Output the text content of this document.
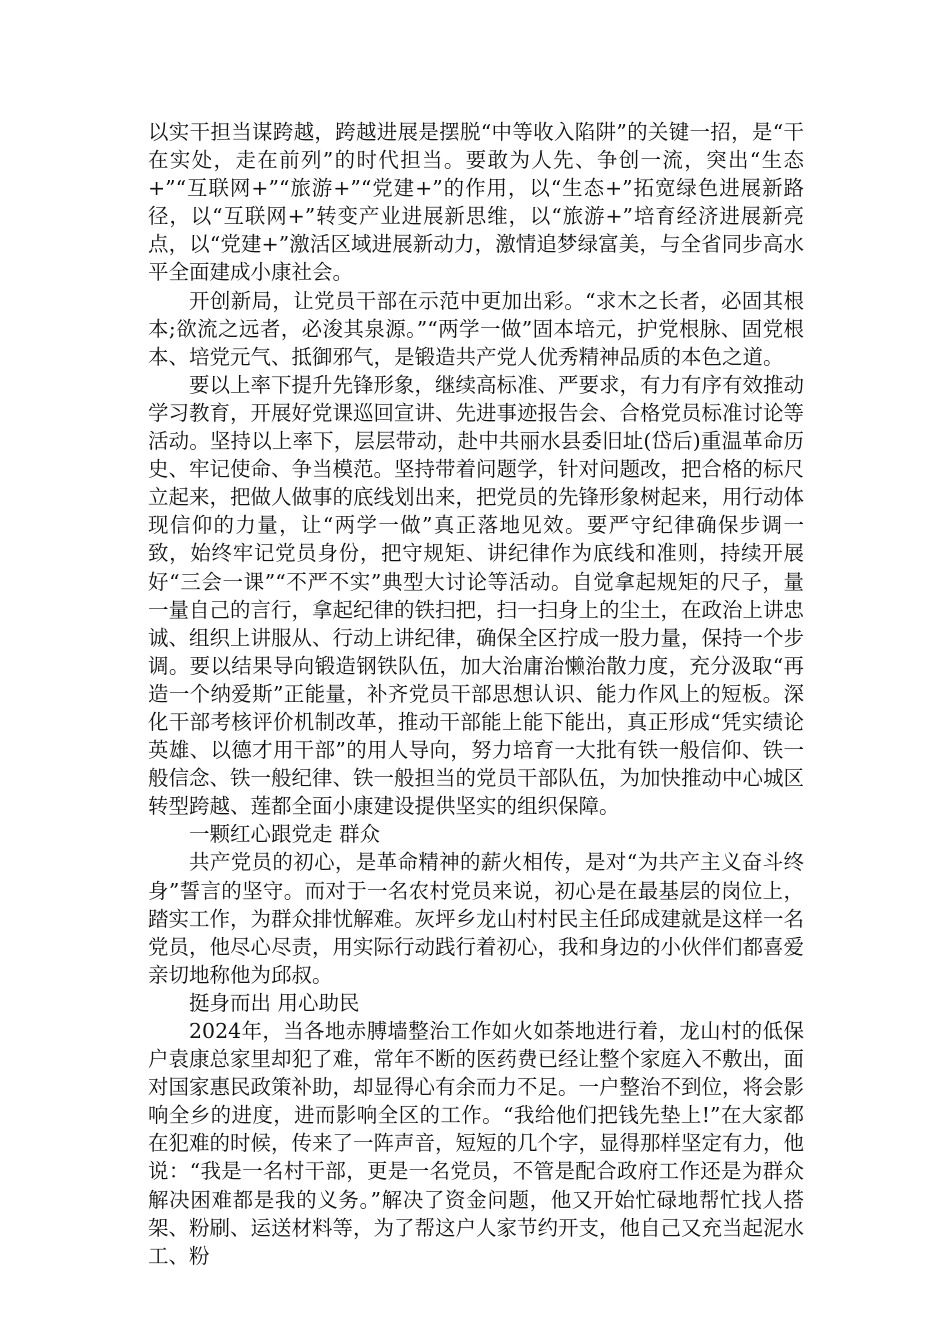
以实干担当谋跨越，跨越进展是摆脱“中等收入陷阱”的关键一招，是“干在实处，走在前列”的时代担当。要敢为人先、争创一流，突出“生态+”“互联网+”“旅游+”“党建+”的作用，以“生态+”拓宽绿色进展新路径，以“互联网+”转变产业进展新思维，以“旅游+”培育经济进展新亮点，以“党建+”激活区域进展新动力，激情追梦绿富美，与全省同步高水平全面建成小康社会。

开创新局，让党员干部在示范中更加出彩。“求木之长者，必固其根本;欲流之远者，必浚其泉源。”“两学一做”固本培元，护党根脉、固党根本、培党元气、抵御邪气，是锻造共产党人优秀精神品质的本色之道。

要以上率下提升先锋形象，继续高标准、严要求，有力有序有效推动学习教育，开展好党课巡回宣讲、先进事迹报告会、合格党员标准讨论等活动。坚持以上率下，层层带动，赴中共丽水县委旧址(岱后)重温革命历史、牢记使命、争当模范。坚持带着问题学，针对问题改，把合格的标尺立起来，把做人做事的底线划出来，把党员的先锋形象树起来，用行动体现信仰的力量，让“两学一做”真正落地见效。要严守纪律确保步调一致，始终牢记党员身份，把守规矩、讲纪律作为底线和准则，持续开展好“三会一课”“不严不实”典型大讨论等活动。自觉拿起规矩的尺子，量一量自己的言行，拿起纪律的铁扫把，扫一扫身上的尘土，在政治上讲忠诚、组织上讲服从、行动上讲纪律，确保全区拧成一股力量，保持一个步调。要以结果导向锻造钢铁队伍，加大治庸治懒治散力度，充分汲取“再造一个纳爱斯”正能量，补齐党员干部思想认识、能力作风上的短板。深化干部考核评价机制改革，推动干部能上能下能出，真正形成“凭实绩论英雄、以德才用干部”的用人导向，努力培育一大批有铁一般信仰、铁一般信念、铁一般纪律、铁一般担当的党员干部队伍，为加快推动中心城区转型跨越、莲都全面小康建设提供坚实的组织保障。

一颗红心跟党走 群众

共产党员的初心，是革命精神的薪火相传，是对“为共产主义奋斗终身”誓言的坚守。而对于一名农村党员来说，初心是在最基层的岗位上，踏实工作，为群众排忧解难。灰坪乡龙山村村民主任邱成建就是这样一名党员，他尽心尽责，用实际行动践行着初心，我和身边的小伙伴们都喜爱亲切地称他为邱叔。

挺身而出 用心助民

2024年，当各地赤膊墙整治工作如火如荼地进行着，龙山村的低保户袁康总家里却犯了难，常年不断的医药费已经让整个家庭入不敷出，面对国家惠民政策补助，却显得心有余而力不足。一户整治不到位，将会影响全乡的进度，进而影响全区的工作。“我给他们把钱先垫上!”在大家都在犯难的时候，传来了一阵声音，短短的几个字，显得那样坚定有力，他说：“我是一名村干部，更是一名党员，不管是配合政府工作还是为群众解决困难都是我的义务。”解决了资金问题，他又开始忙碌地帮忙找人搭架、粉刷、运送材料等，为了帮这户人家节约开支，他自己又充当起泥水工、粉
